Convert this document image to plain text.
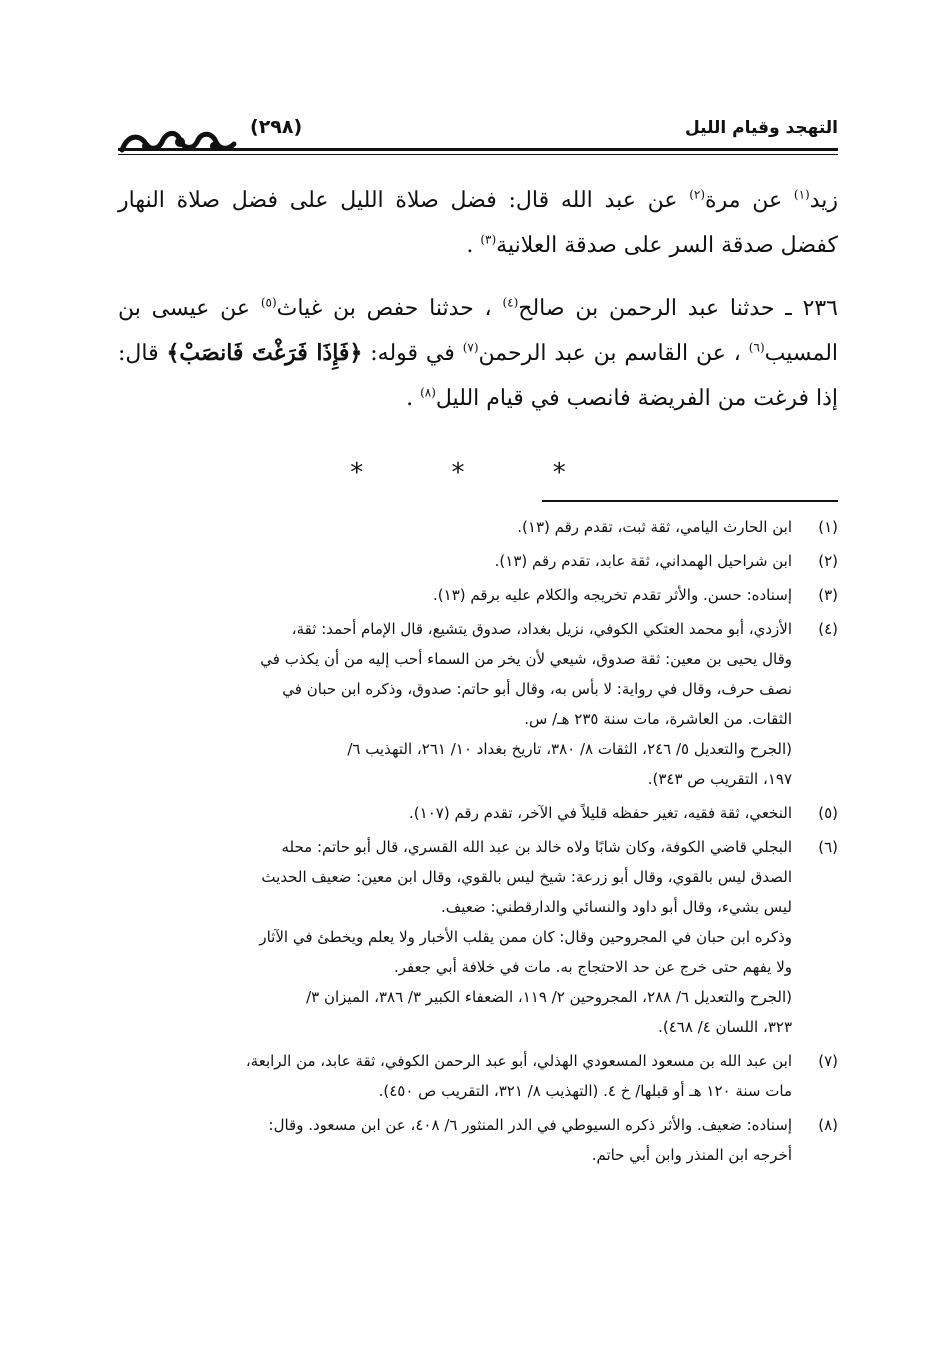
التهجد وقيام الليل
(٢٩٨)

زيد$^{(١)}$ عن مرة$^{(٢)}$ عن عبد الله قال: فضل صلاة الليل على فضل صلاة النهار كفضل صدقة السر على صدقة العلانية$^{(٣)}$ .

٢٣٦ ـ حدثنا عبد الرحمن بن صالح$^{(٤)}$ ، حدثنا حفص بن غياث$^{(٥)}$ عن عيسى بن المسيب$^{(٦)}$ ، عن القاسم بن عبد الرحمن$^{(٧)}$ في قوله: ﴿فَإِذَا فَرَغْتَ فَانصَبْ﴾ قال: إذا فرغت من الفريضة فانصب في قيام الليل$^{(٨)}$ .

* * *
(١)
ابن الحارث اليامي، ثقة ثبت، تقدم رقم (١٣).
(٢)
ابن شراحيل الهمداني، ثقة عابد، تقدم رقم (١٣).
(٣)
إسناده: حسن. والأثر تقدم تخريجه والكلام عليه برقم (١٣).
(٤)
الأزدي، أبو محمد العتكي الكوفي، نزيل بغداد، صدوق يتشيع، قال الإمام أحمد: ثقة،
وقال يحيى بن معين: ثقة صدوق، شيعي لأن يخر من السماء أحب إليه من أن يكذب في
نصف حرف، وقال في رواية: لا بأس به، وقال أبو حاتم: صدوق، وذكره ابن حبان في
الثقات. من العاشرة، مات سنة ٢٣٥ هـ/ س.
(الجرح والتعديل ٥/ ٢٤٦، الثقات ٨/ ٣٨٠، تاريخ بغداد ١٠/ ٢٦١، التهذيب ٦/
١٩٧، التقريب ص ٣٤٣).
(٥)
النخعي، ثقة فقيه، تغير حفظه قليلاً في الآخر، تقدم رقم (١٠٧).
(٦)
البجلي قاضي الكوفة، وكان شابًا ولاه خالد بن عبد الله القسري، قال أبو حاتم: محله
الصدق ليس بالقوي، وقال أبو زرعة: شيخ ليس بالقوي، وقال ابن معين: ضعيف الحديث
ليس بشيء، وقال أبو داود والنسائي والدارقطني: ضعيف.
وذكره ابن حبان في المجروحين وقال: كان ممن يقلب الأخبار ولا يعلم ويخطئ في الآثار
ولا يفهم حتى خرج عن حد الاحتجاج به. مات في خلافة أبي جعفر.
(الجرح والتعديل ٦/ ٢٨٨، المجروحين ٢/ ١١٩، الضعفاء الكبير ٣/ ٣٨٦، الميزان ٣/
٣٢٣، اللسان ٤/ ٤٦٨).
(٧)
ابن عبد الله بن مسعود المسعودي الهذلي، أبو عبد الرحمن الكوفي، ثقة عابد، من الرابعة،
مات سنة ١٢٠ هـ أو قبلها/ خ ٤. (التهذيب ٨/ ٣٢١، التقريب ص ٤٥٠).
(٨)
إسناده: ضعيف. والأثر ذكره السيوطي في الدر المنثور ٦/ ٤٠٨، عن ابن مسعود. وقال:
أخرجه ابن المنذر وابن أبي حاتم.
